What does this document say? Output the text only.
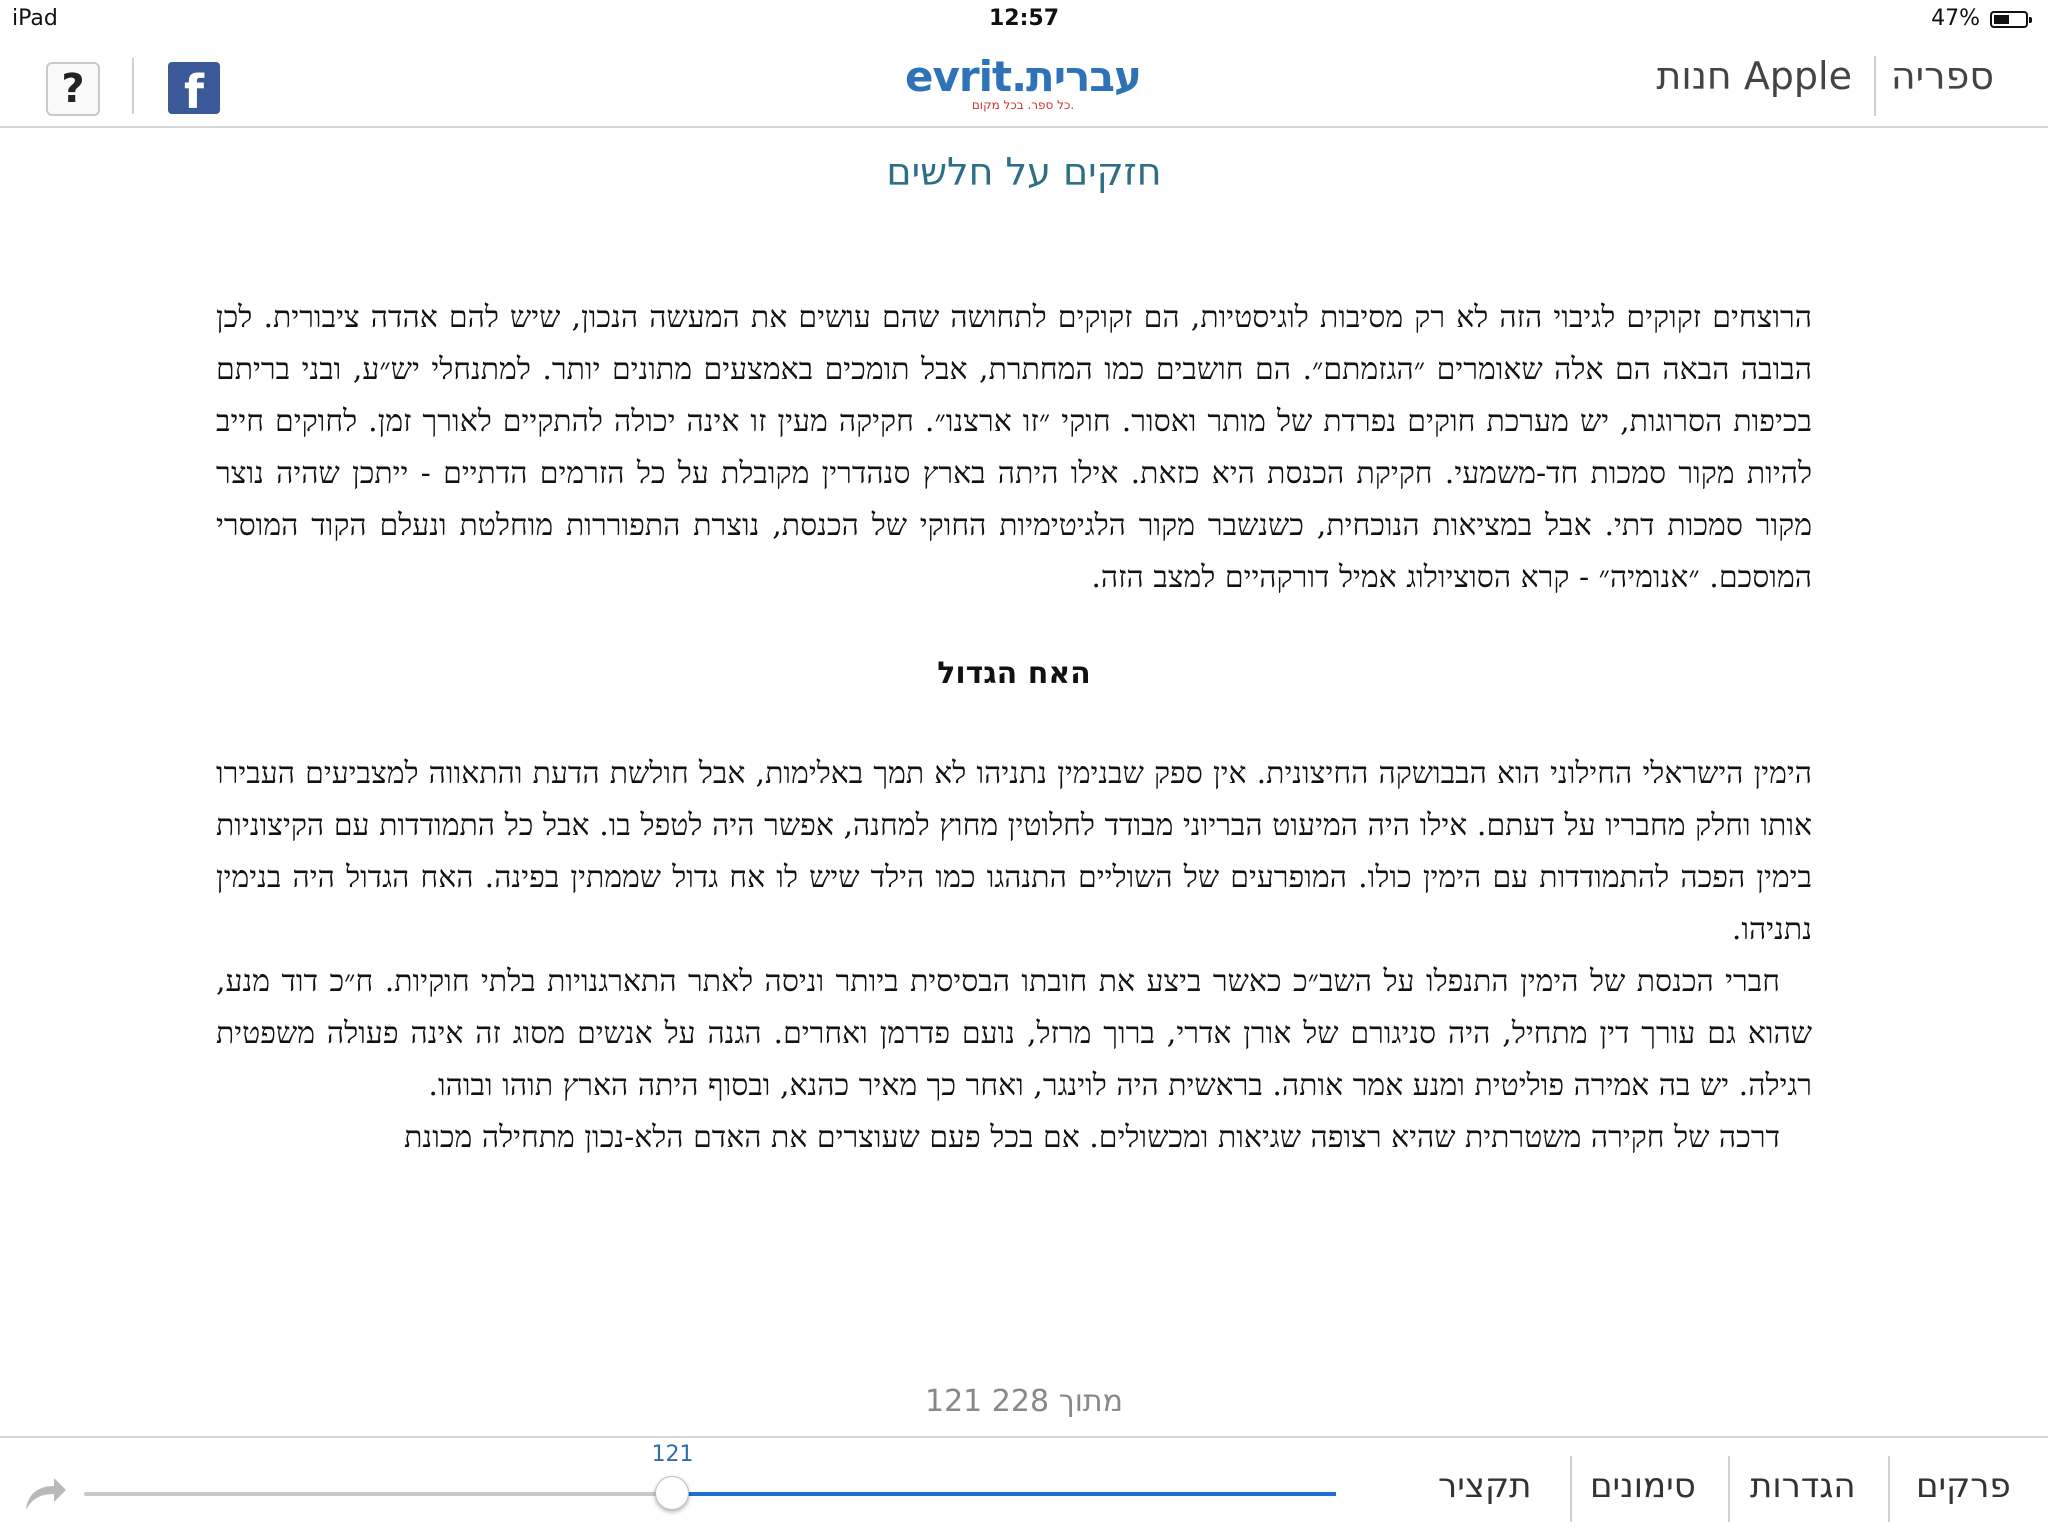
iPad	12:57	47%
?	f	evrit.עברית
כל ספר. בכל מקום.
חנות Apple ספריה
חזקים על חלשים

הרוצחים זקוקים לגיבוי הזה לא רק מסיבות לוגיסטיות, הם זקוקים לתחושה שהם עושים את המעשה הנכון, שיש להם אהדה ציבורית. לכן הבובה הבאה הם אלה שאומרים ״הגזמתם״. הם חושבים כמו המחתרת, אבל תומכים באמצעים מתונים יותר. למתנחלי יש״ע, ובני בריתם בכיפות הסרוגות, יש מערכת חוקים נפרדת של מותר ואסור. חוקי ״זו ארצנו״. חקיקה מעין זו אינה יכולה להתקיים לאורך זמן. לחוקים חייב להיות מקור סמכות חד-משמעי. חקיקת הכנסת היא כזאת. אילו היתה בארץ סנהדרין מקובלת על כל הזרמים הדתיים - ייתכן שהיה נוצר מקור סמכות דתי. אבל במציאות הנוכחית, כשנשבר מקור הלגיטימיות החוקי של הכנסת, נוצרת התפוררות מוחלטת ונעלם הקוד המוסרי המוסכם. ״אנומיה״ - קרא הסוציולוג אמיל דורקהיים למצב הזה.

האח הגדול

הימין הישראלי החילוני הוא הבבושקה החיצונית. אין ספק שבנימין נתניהו לא תמך באלימות, אבל חולשת הדעת והתאווה למצביעים העבירו אותו וחלק מחבריו על דעתם. אילו היה המיעוט הבריוני מבודד לחלוטין מחוץ למחנה, אפשר היה לטפל בו. אבל כל התמודדות עם הקיצוניות בימין הפכה להתמודדות עם הימין כולו. המופרעים של השוליים התנהגו כמו הילד שיש לו אח גדול שממתין בפינה. האח הגדול היה בנימין נתניהו.

חברי הכנסת של הימין התנפלו על השב״כ כאשר ביצע את חובתו הבסיסית ביותר וניסה לאתר התארגנויות בלתי חוקיות. ח״כ דוד מנע, שהוא גם עורך דין מתחיל, היה סניגורם של אורן אדרי, ברוך מרזל, נועם פדרמן ואחרים. הגנה על אנשים מסוג זה אינה פעולה משפטית רגילה. יש בה אמירה פוליטית ומנע אמר אותה. בראשית היה לוינגר, ואחר כך מאיר כהנא, ובסוף היתה הארץ תוהו ובוהו.

דרכה של חקירה משטרתית שהיא רצופה שגיאות ומכשולים. אם בכל פעם שעוצרים את האדם הלא-נכון מתחילה מכונת

121 מתוך 228
121
תקציר סימונים הגדרות פרקים
